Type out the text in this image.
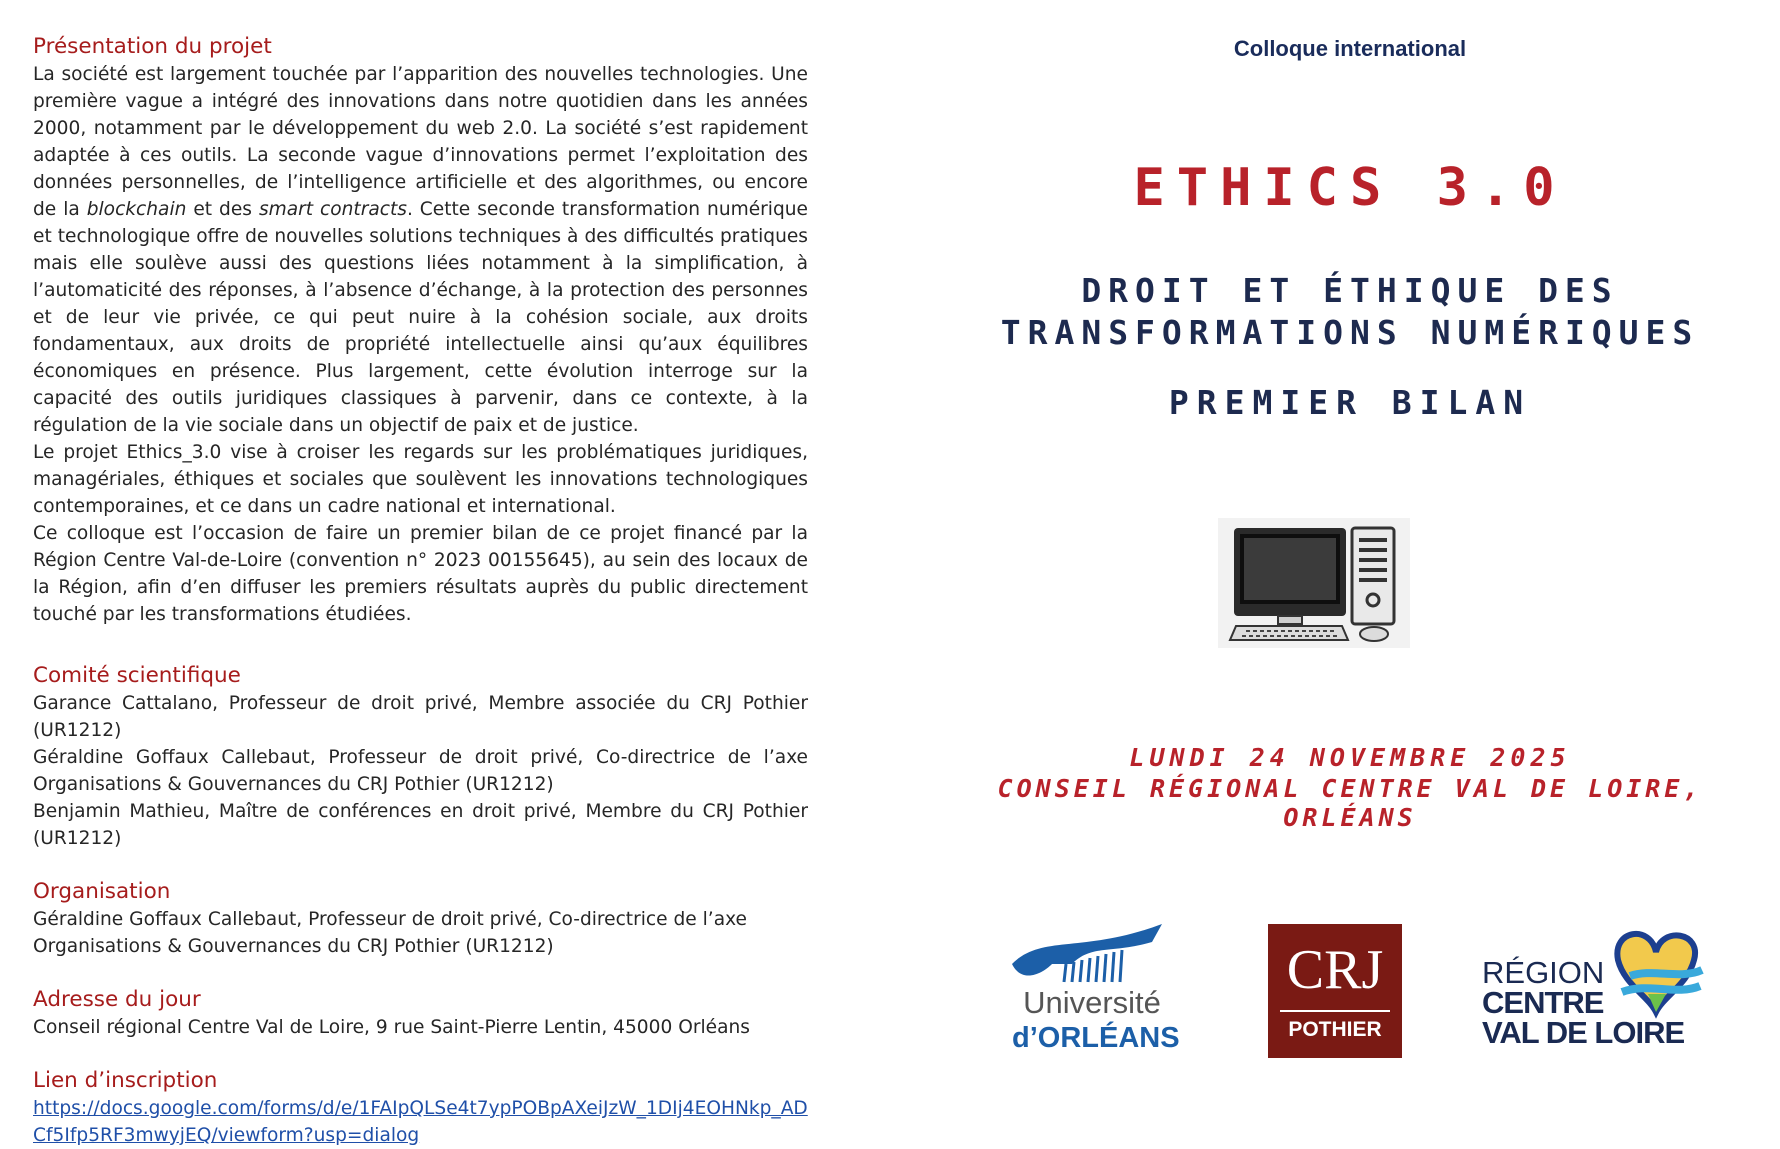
Présentation du projet

La société est largement touchée par l’apparition des nouvelles technologies. Une première vague a intégré des innovations dans notre quotidien dans les années 2000, notamment par le développement du web 2.0. La société s’est rapidement adaptée à ces outils. La seconde vague d’innovations permet l’exploitation des données personnelles, de l’intelligence artificielle et des algorithmes, ou encore de la blockchain et des smart contracts. Cette seconde transformation numérique et technologique offre de nouvelles solutions techniques à des difficultés pratiques mais elle soulève aussi des questions liées notamment à la simplification, à l’automaticité des réponses, à l’absence d’échange, à la protection des personnes et de leur vie privée, ce qui peut nuire à la cohésion sociale, aux droits fondamentaux, aux droits de propriété intellectuelle ainsi qu’aux équilibres économiques en présence. Plus largement, cette évolution interroge sur la capacité des outils juridiques classiques à parvenir, dans ce contexte, à la régulation de la vie sociale dans un objectif de paix et de justice.

Le projet Ethics_3.0 vise à croiser les regards sur les problématiques juridiques, managériales, éthiques et sociales que soulèvent les innovations technologiques contemporaines, et ce dans un cadre national et international.

Ce colloque est l’occasion de faire un premier bilan de ce projet financé par la Région Centre Val-de-Loire (convention n° 2023 00155645), au sein des locaux de la Région, afin d’en diffuser les premiers résultats auprès du public directement touché par les transformations étudiées.

Comité scientifique

Garance Cattalano, Professeur de droit privé, Membre associée du CRJ Pothier (UR1212)

Géraldine Goffaux Callebaut, Professeur de droit privé, Co-directrice de l’axe Organisations & Gouvernances du CRJ Pothier (UR1212)

Benjamin Mathieu, Maître de conférences en droit privé, Membre du CRJ Pothier (UR1212)

Organisation

Géraldine Goffaux Callebaut, Professeur de droit privé, Co-directrice de l’axe

Organisations & Gouvernances du CRJ Pothier (UR1212)

Adresse du jour

Conseil régional Centre Val de Loire, 9 rue Saint-Pierre Lentin, 45000 Orléans

Lien d’inscription
https://docs.google.com/forms/d/e/1FAIpQLSe4t7ypPOBpAXeiJzW_1DIj4EOHNkp_ADCf5Ifp5RF3mwyjEQ/viewform?usp=dialog
Colloque international
ETHICS 3.0
DROIT ET ÉTHIQUE DES
TRANSFORMATIONS NUMÉRIQUES
PREMIER BILAN
LUNDI 24 NOVEMBRE 2025
CONSEIL RÉGIONAL CENTRE VAL DE LOIRE, ORLÉANS
Université
d’ORLÉANS
CRJ
POTHIER
RÉGION
CENTRE
VAL DE LOIRE
